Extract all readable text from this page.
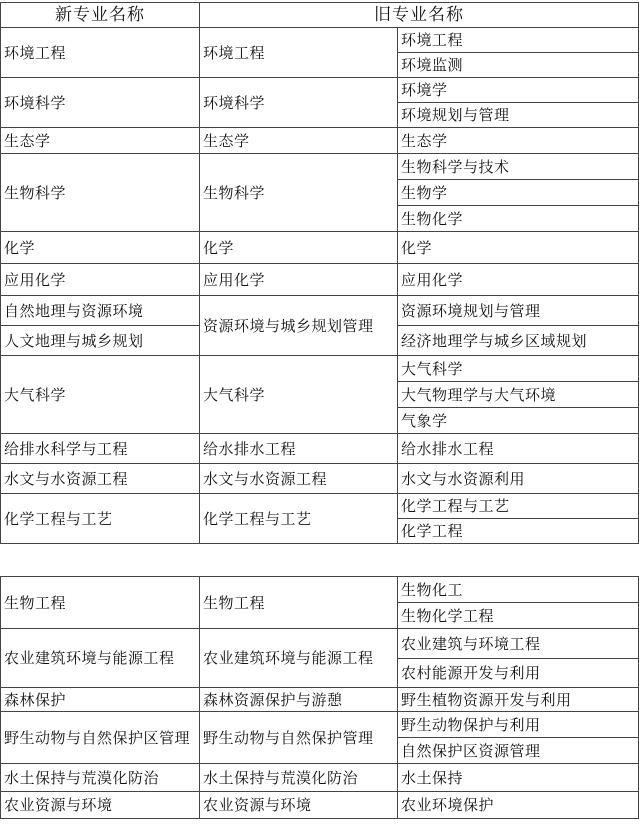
新专业名称	旧专业名称	
环境工程	环境工程	环境工程
		环境监测
环境科学	环境科学	环境学
		环境规划与管理
生态学	生态学	生态学
生物科学	生物科学	生物科学与技术
		生物学
		生物化学
化学	化学	化学
应用化学	应用化学	应用化学
自然地理与资源环境	资源环境与城乡规划管理	资源环境规划与管理
人文地理与城乡规划		经济地理学与城乡区域规划
大气科学	大气科学	大气科学
		大气物理学与大气环境
		气象学
给排水科学与工程	给水排水工程	给水排水工程
水文与水资源工程	水文与水资源工程	水文与水资源利用
化学工程与工艺	化学工程与工艺	化学工程与工艺
		化学工程
生物工程	生物工程	生物化工
		生物化学工程
农业建筑环境与能源工程	农业建筑环境与能源工程	农业建筑与环境工程
		农村能源开发与利用
森林保护	森林资源保护与游憩	野生植物资源开发与利用
野生动物与自然保护区管理	野生动物与自然保护管理	野生动物保护与利用
		自然保护区资源管理
水土保持与荒漠化防治	水土保持与荒漠化防治	水土保持
农业资源与环境	农业资源与环境	农业环境保护
